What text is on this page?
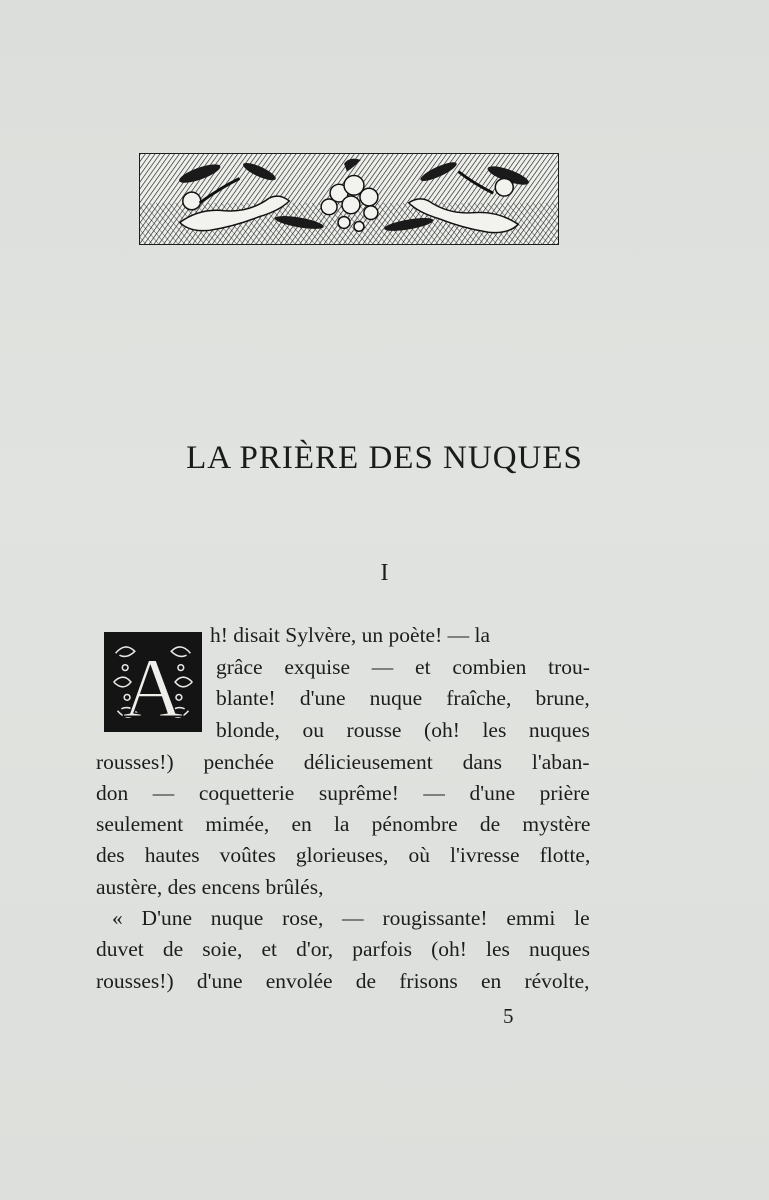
LA PRIÈRE DES NUQUES
I
A
h! disait Sylvère, un poète! — la
grâce exquise — et combien trou-
blante! d'une nuque fraîche, brune,
blonde, ou rousse (oh! les nuques
rousses!) penchée délicieusement dans l'aban-
don — coquetterie suprême! — d'une prière
seulement mimée, en la pénombre de mystère
des hautes voûtes glorieuses, où l'ivresse flotte,
austère, des encens brûlés,
« D'une nuque rose, — rougissante! emmi le
duvet de soie, et d'or, parfois (oh! les nuques
rousses!) d'une envolée de frisons en révolte,
5
